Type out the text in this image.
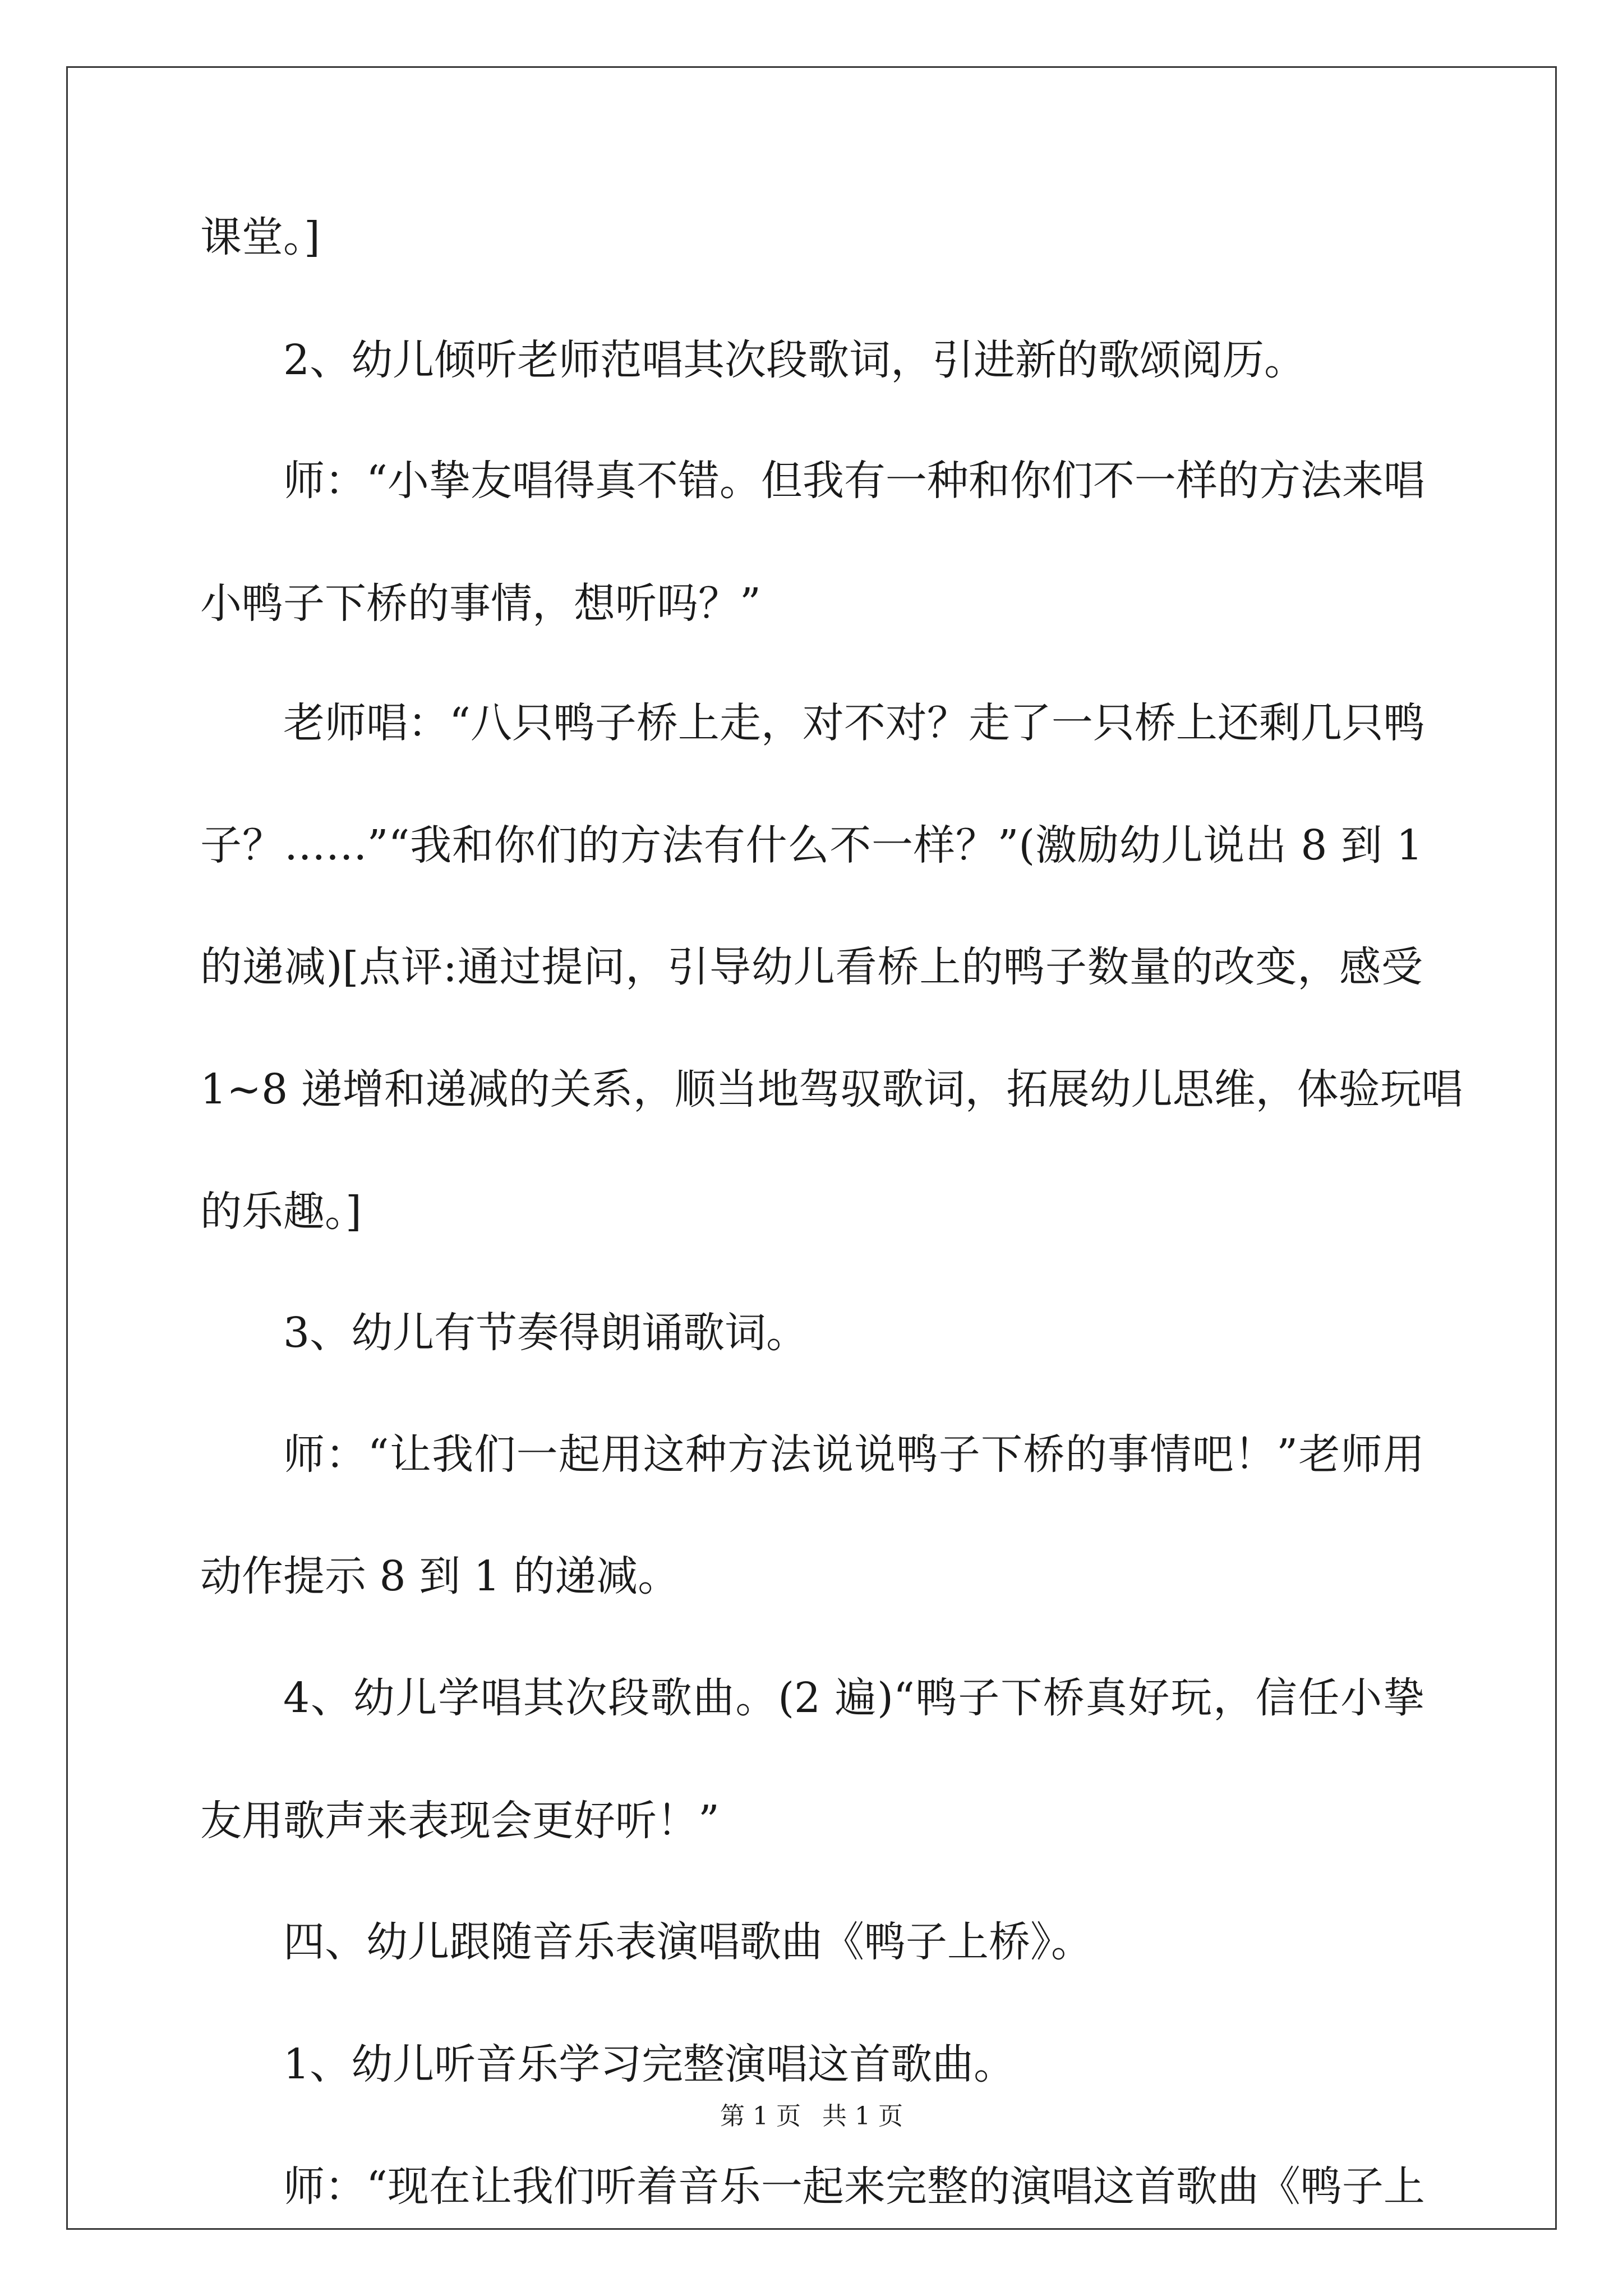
课堂。]
2、幼儿倾听老师范唱其次段歌词，引进新的歌颂阅历。
师：“小挚友唱得真不错。但我有一种和你们不一样的方法来唱
小鸭子下桥的事情，想听吗？”
老师唱：“八只鸭子桥上走，对不对？走了一只桥上还剩几只鸭
子？……”“我和你们的方法有什么不一样？”(激励幼儿说出 8 到 1
的递减)[点评:通过提问，引导幼儿看桥上的鸭子数量的改变，感受
1~8 递增和递减的关系，顺当地驾驭歌词，拓展幼儿思维，体验玩唱
的乐趣。]
3、幼儿有节奏得朗诵歌词。
师：“让我们一起用这种方法说说鸭子下桥的事情吧！”老师用
动作提示 8 到 1 的递减。
4、幼儿学唱其次段歌曲。(2 遍)“鸭子下桥真好玩，信任小挚
友用歌声来表现会更好听！”
四、幼儿跟随音乐表演唱歌曲《鸭子上桥》。
1、幼儿听音乐学习完整演唱这首歌曲。
师：“现在让我们听着音乐一起来完整的演唱这首歌曲《鸭子上
第 1 页 共 1 页
